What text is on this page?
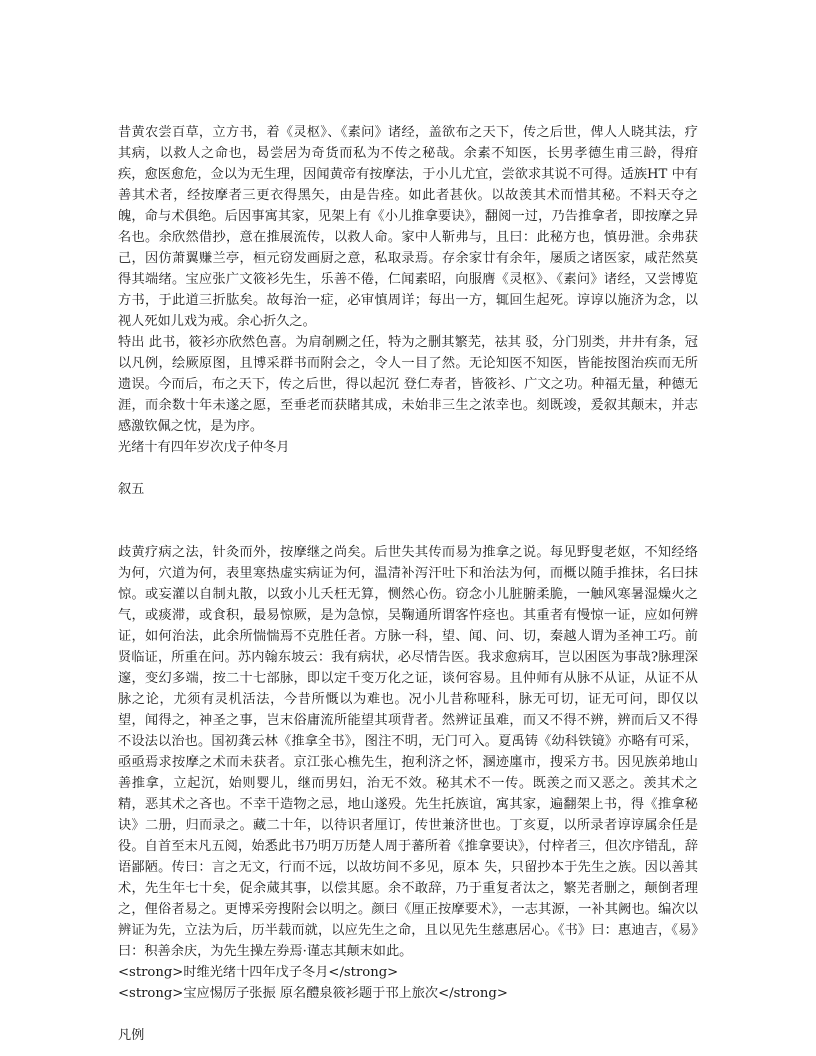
昔黄农尝百草，立方书，着《灵枢》、《素问》诸经，盖欲布之天下，传之后世，俾人人晓其法，疗其病，以救人之命也，曷尝居为奇货而私为不传之秘哉。余素不知医，长男孝德生甫三龄，得疳疾，愈医愈危，佥以为无生理，因闻黄帝有按摩法，于小儿尤宜，尝欲求其说不可得。适族HT 中有善其术者，经按摩者三更衣得黑矢，由是告痊。如此者甚伙。以故羡其术而惜其秘。不料天夺之魄，命与术俱绝。后因事寓其家，见架上有《小儿推拿要诀》，翻阅一过，乃告推拿者，即按摩之异名也。余欣然借抄，意在推展流传，以救人命。家中人靳弗与，且曰：此秘方也，慎毋泄。余弗获己，因仿萧翼赚兰亭，桓元窃发画厨之意，私取录焉。存余家廿有余年，屡质之诸医家，咸茫然莫得其端绪。宝应张广文筱衫先生，乐善不倦，仁闻素昭，向服膺《灵枢》、《素问》诸经，又尝博览方书，于此道三折肱矣。故每治一症，必审慎周详；每出一方，辄回生起死。谆谆以施济为念，以视人死如儿戏为戒。余心折久之。

特出 此书，筱衫亦欣然色喜。为肩剞劂之任，特为之删其繁芜，祛其 驳，分门别类，井井有条，冠以凡例，绘厥原图，且博采群书而附会之，令人一目了然。无论知医不知医，皆能按图治疾而无所遗误。今而后，布之天下，传之后世，得以起沉 登仁寿者，皆筱衫、广文之功。种福无量，种德无涯，而余数十年未遂之愿，至垂老而获睹其成，未始非三生之浓幸也。刻既竣，爰叙其颠末，并志感激钦佩之忱，是为序。

光绪十有四年岁次戊子仲冬月

叙五

歧黄疗病之法，针灸而外，按摩继之尚矣。后世失其传而易为推拿之说。每见野叟老妪，不知经络为何，穴道为何，表里寒热虚实病证为何，温清补泻汗吐下和治法为何，而概以随手推抹，名曰抹惊。或妄灌以自制丸散，以致小儿夭枉无算，恻然心伤。窃念小儿脏腑柔脆，一触风寒暑湿燥火之气，或痰滞，或食积，最易惊厥，是为急惊，吴鞠通所谓客忤痉也。其重者有慢惊一证，应如何辨证，如何治法，此余所惴惴焉不克胜任者。方脉一科，望、闻、问、切，秦越人谓为圣神工巧。前贤临证，所重在问。苏内翰东坡云：我有病状，必尽情告医。我求愈病耳，岂以困医为事哉?脉理深邃，变幻多端，按二十七部脉，即以定千变万化之证，谈何容易。且仲师有从脉不从证，从证不从脉之论，尤须有灵机活法，今昔所慨以为难也。况小儿昔称哑科，脉无可切，证无可问，即仅以望，闻得之，神圣之事，岂末俗庸流所能望其项背者。然辨证虽难，而又不得不辨，辨而后又不得不设法以治也。国初龚云林《推拿全书》，图注不明，无门可入。夏禹铸《幼科铁镜》亦略有可采，亟亟焉求按摩之术而未获者。京江张心樵先生，抱利济之怀，溷迹廛市，搜采方书。因见族弟地山善推拿，立起沉，始则婴儿，继而男妇，治无不效。秘其术不一传。既羡之而又恶之。羡其术之精，恶其术之吝也。不幸干造物之忌，地山遂殁。先生托族谊，寓其家，遍翻架上书，得《推拿秘诀》二册，归而录之。藏二十年，以待识者厘订，传世兼济世也。丁亥夏，以所录者谆谆属余任是役。自首至末凡五阅，始悉此书乃明万历楚人周于蕃所着《推拿要诀》，付梓者三，但次序错乱，辞语鄙陋。传曰：言之无文，行而不远，以故坊间不多见，原本 失，只留抄本于先生之族。因以善其术，先生年七十矣，促余蒇其事，以偿其愿。余不敢辞，乃于重复者汰之，繁芜者删之，颠倒者理之，俚俗者易之。更博采旁搜附会以明之。颜曰《厘正按摩要术》，一志其源，一补其阙也。编次以辨证为先，立法为后，历半载而就，以应先生之命，且以见先生慈惠居心。《书》曰：惠迪吉，《易》曰：积善余庆，为先生操左券焉·谨志其颠末如此。

<strong>时维光绪十四年戊子冬月</strong>

<strong>宝应惕厉子张振 原名醴泉筱衫题于邗上旅次</strong>

凡例
